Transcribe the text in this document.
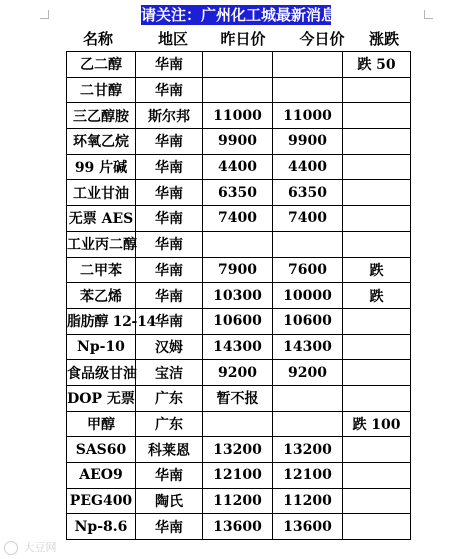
请关注：广州化工城最新消息
名称	地区	昨日价	今日价	涨跌
乙二醇	华南			跌 50
二甘醇	华南			
三乙醇胺	斯尔邦	11000	11000	
环氧乙烷	华南	9900	9900	
99 片碱	华南	4400	4400	
工业甘油	华南	6350	6350	
无票 AES	华南	7400	7400	
工业丙二醇	华南			
二甲苯	华南	7900	7600	跌
苯乙烯	华南	10300	10000	跌
脂肪醇 12-14	华南	10600	10600	
Np-10	汉姆	14300	14300	
食品级甘油	宝洁	9200	9200	
DOP 无票	广东	暂不报		
甲醇	广东			跌 100
SAS60	科莱恩	13200	13200	
AEO9	华南	12100	12100	
PEG400	陶氏	11200	11200	
Np-8.6	华南	13600	13600	
大豆网
